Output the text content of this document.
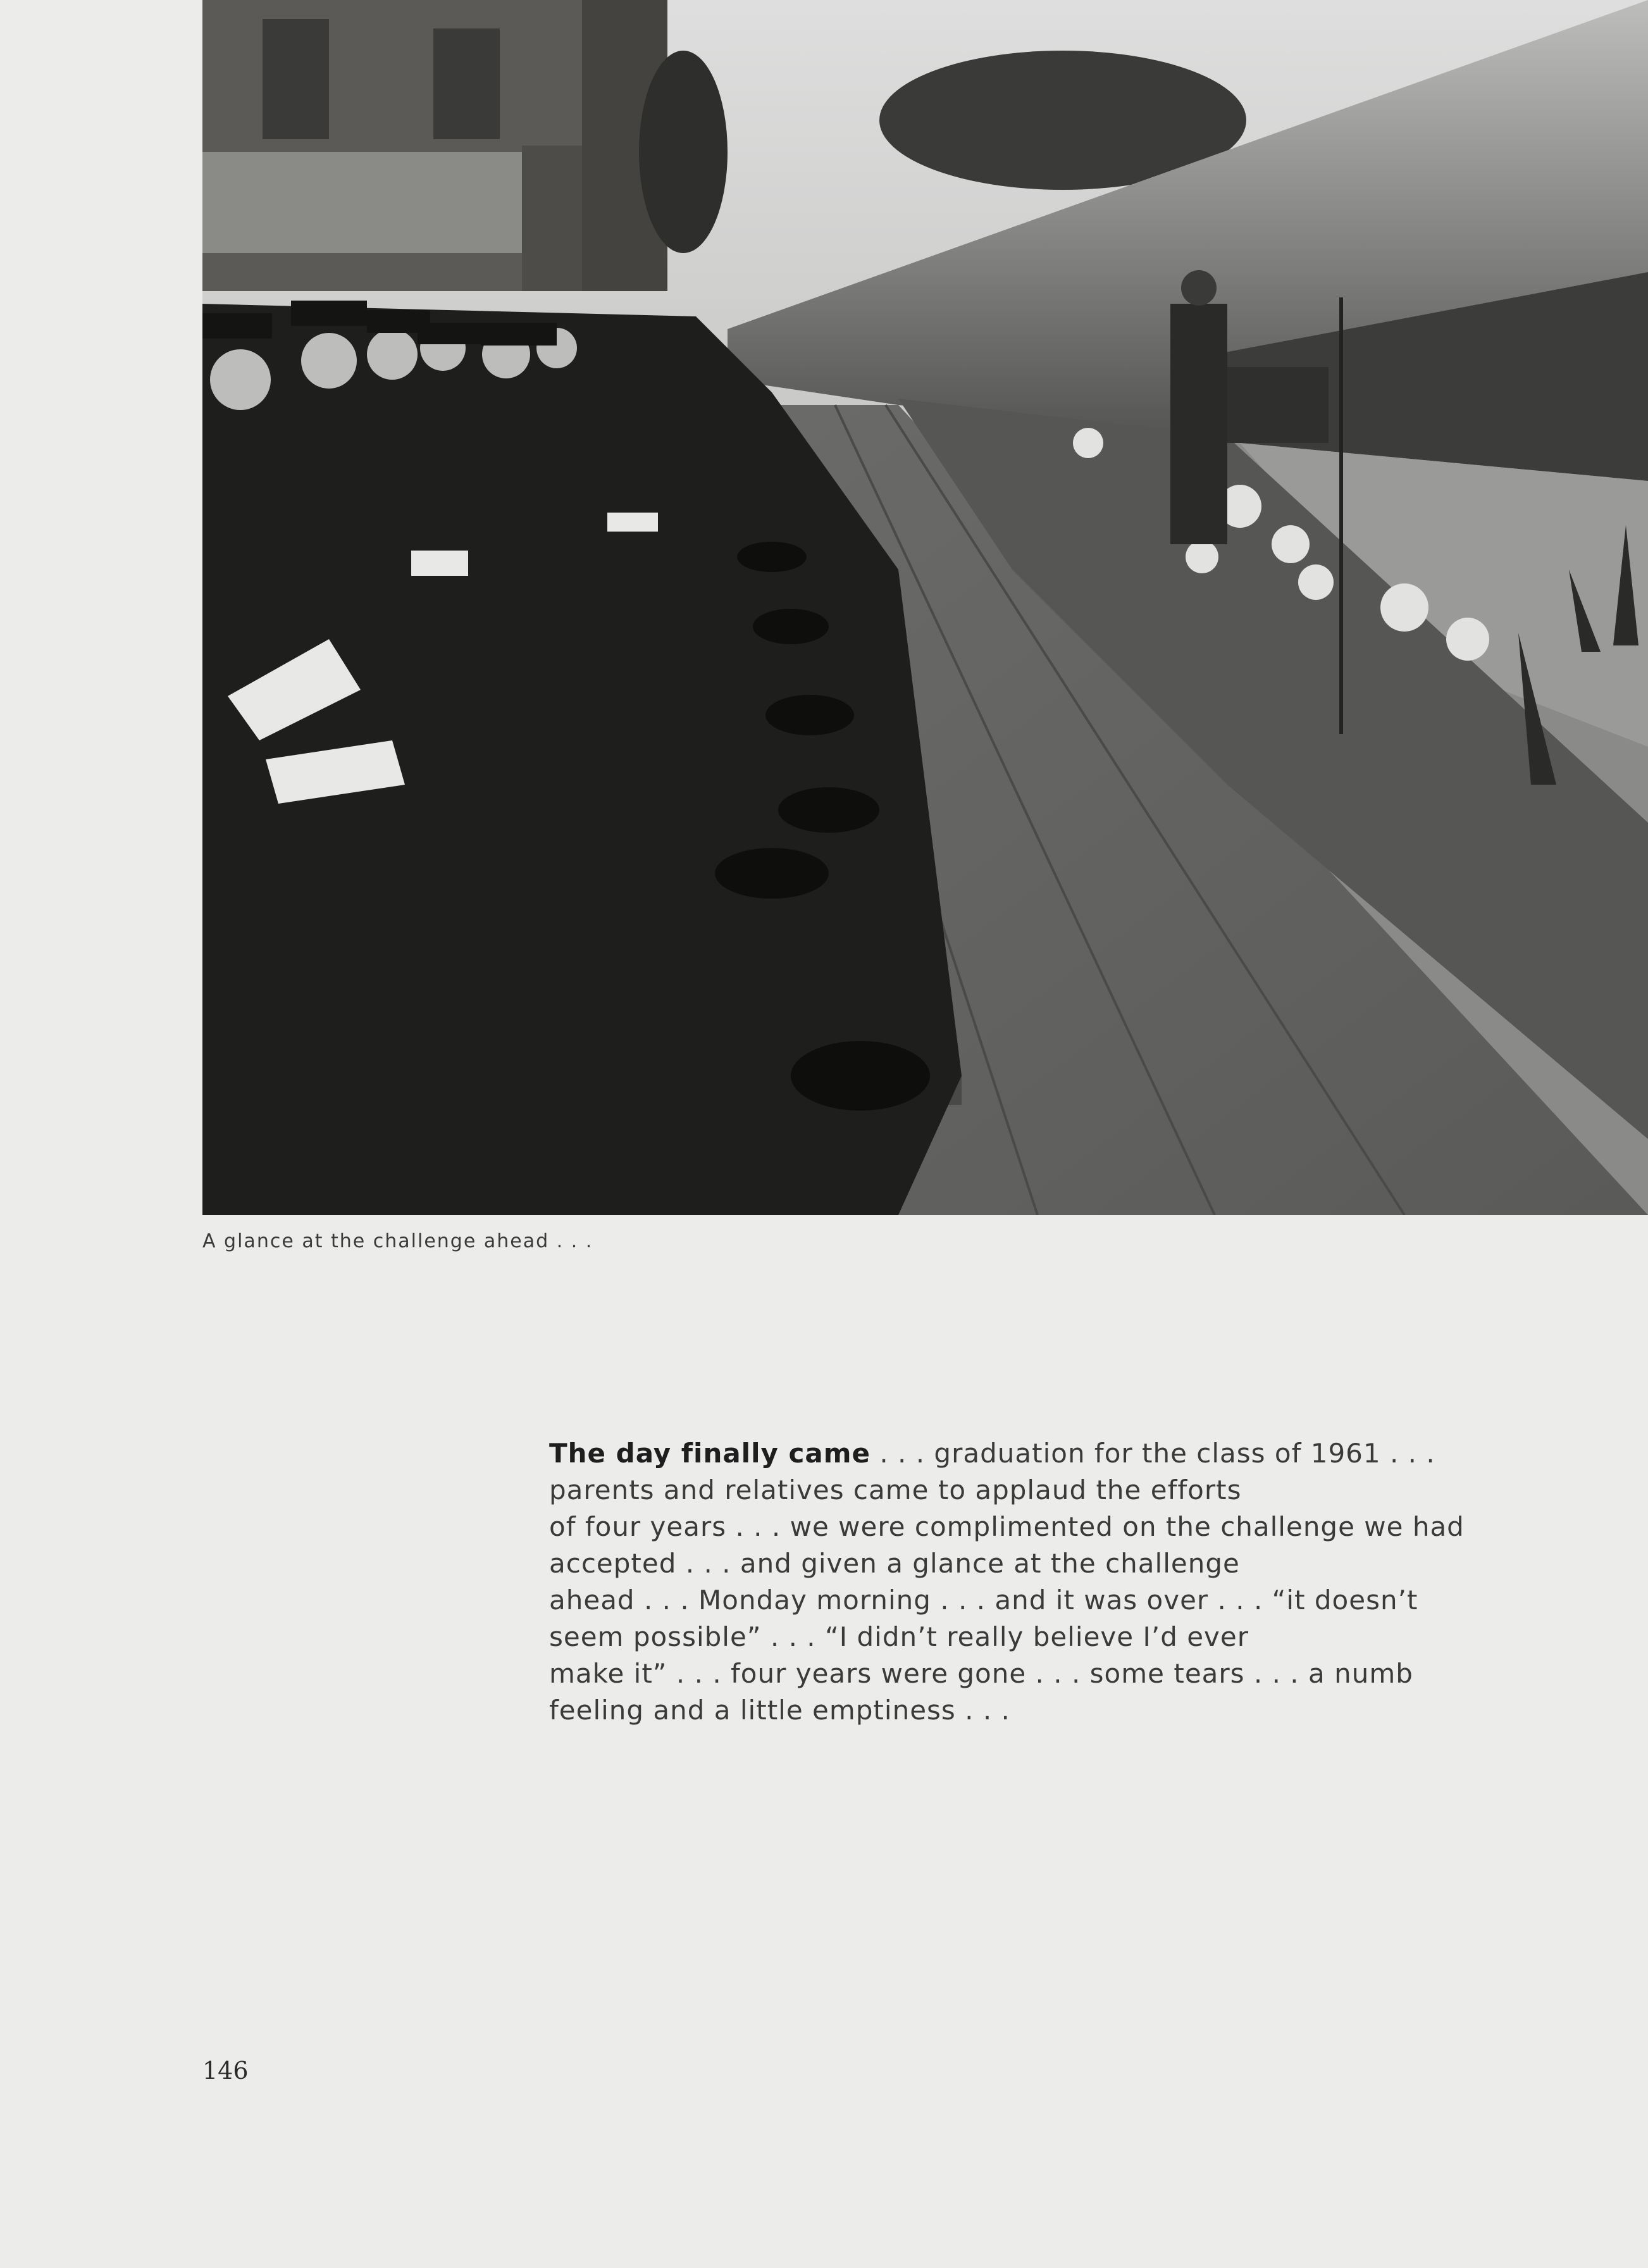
A glance at the challenge ahead . . .
The day finally came . . . graduation for the class of 1961 . . .
parents and relatives came to applaud the efforts
of four years . . . we were complimented on the challenge we had
accepted . . . and given a glance at the challenge
ahead . . . Monday morning . . . and it was over . . . “it doesn’t
seem possible” . . . “I didn’t really believe I’d ever
make it” . . . four years were gone . . . some tears . . . a numb
feeling and a little emptiness . . .
146
